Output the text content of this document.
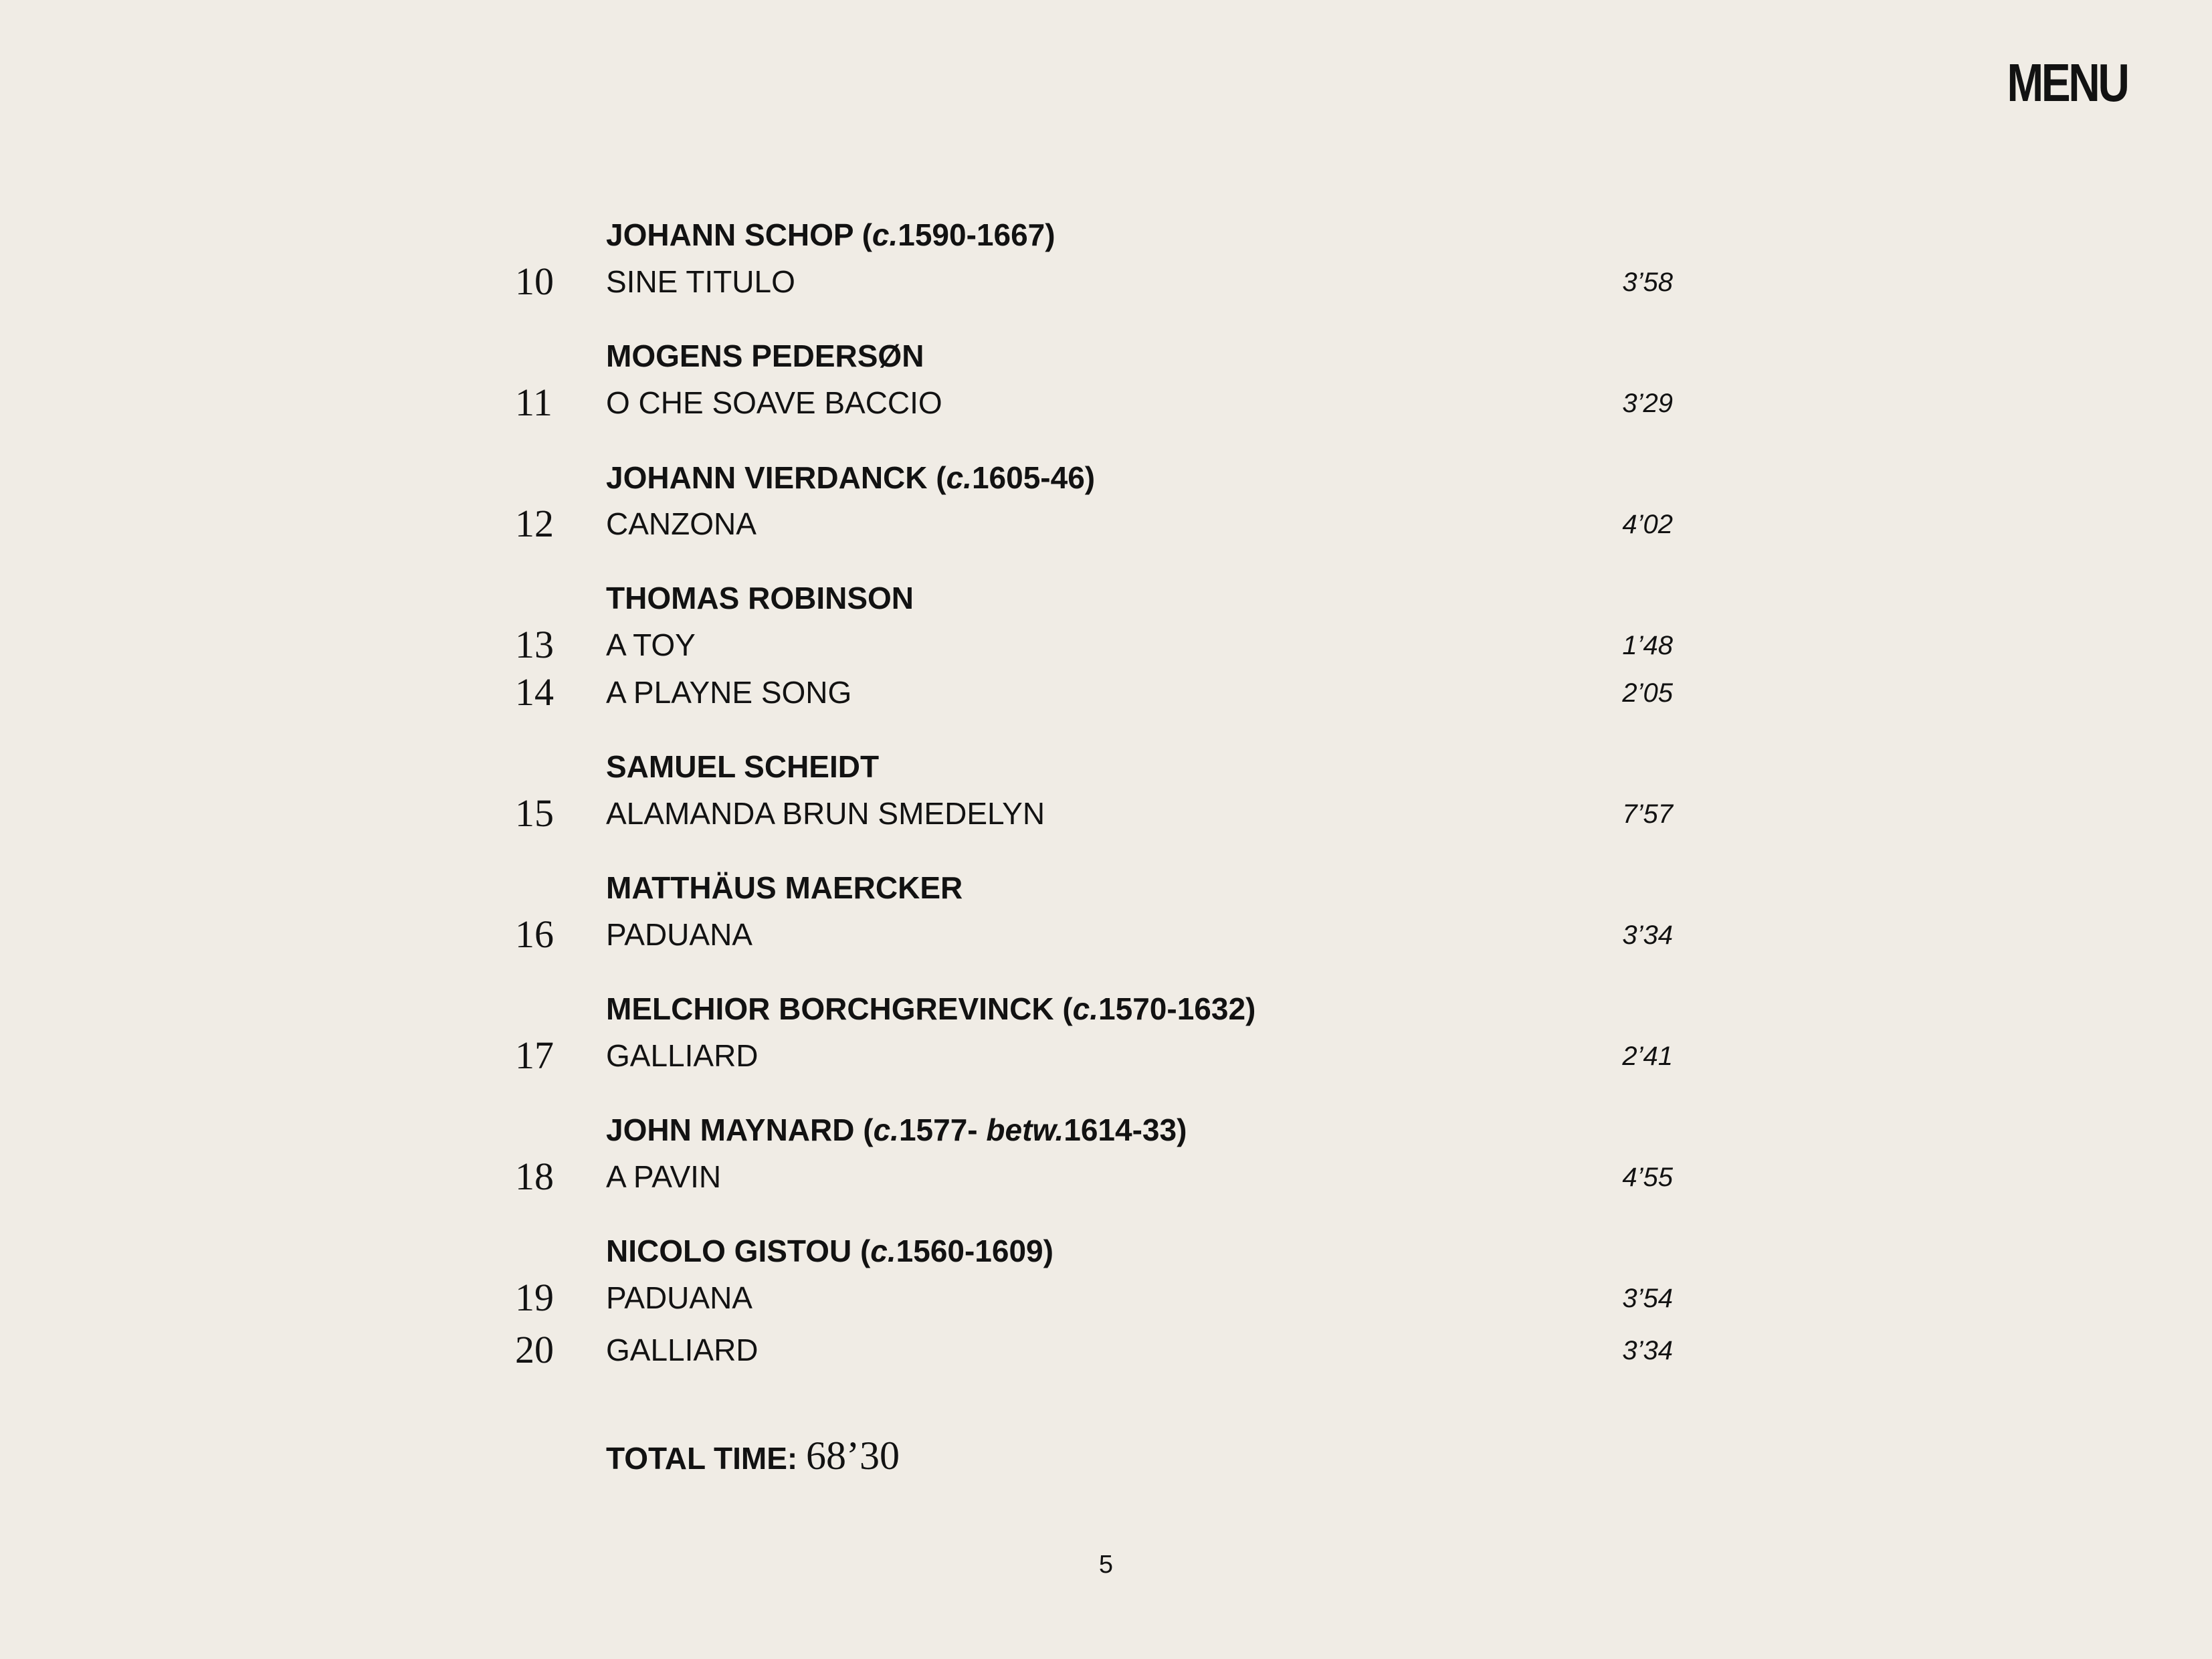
MENU
JOHANN SCHOP (c.1590-1667)
10	SINE TITULO	3’58
MOGENS PEDERSØN
11	O CHE SOAVE BACCIO	3’29
JOHANN VIERDANCK (c.1605-46)
12	CANZONA	4’02
THOMAS ROBINSON
13	A TOY	1’48
14	A PLAYNE SONG	2’05
SAMUEL SCHEIDT
15	ALAMANDA BRUN SMEDELYN	7’57
MATTHÄUS MAERCKER
16	PADUANA	3’34
MELCHIOR BORCHGREVINCK (c.1570-1632)
17	GALLIARD	2’41
JOHN MAYNARD (c.1577- betw.1614-33)
18	A PAVIN	4’55
NICOLO GISTOU (c.1560-1609)
19	PADUANA	3’54
20	GALLIARD	3’34
TOTAL TIME: 68’30
5
